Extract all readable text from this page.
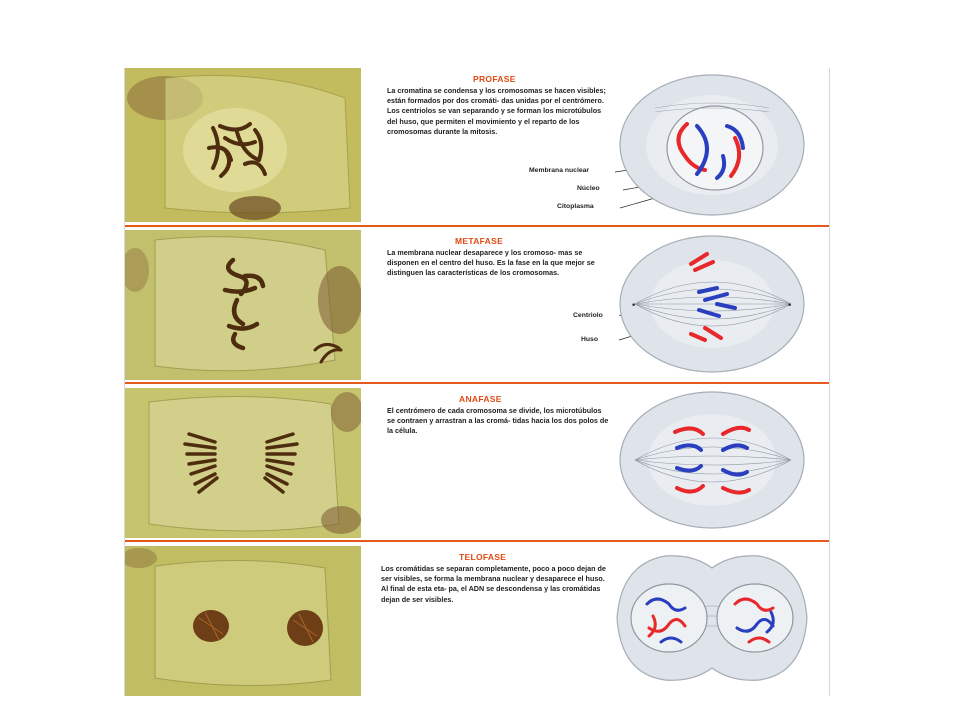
PROFASE
La cromatina se condensa y los cromosomas se hacen visibles; están formados por dos cromáti- das unidas por el centrómero. Los centriolos se van separando y se forman los microtúbulos del huso, que permiten el movimiento y el reparto de los cromosomas durante la mitosis.
Membrana nuclear
Núcleo
Citoplasma
METAFASE
La membrana nuclear desaparece y los cromoso- mas se disponen en el centro del huso. Es la fase en la que mejor se distinguen las características de los cromosomas.
Centriolo
Huso
•	•
ANAFASE
El centrómero de cada cromosoma se divide, los microtúbulos se contraen y arrastran a las cromá- tidas hacia los dos polos de la célula.
TELOFASE
Los cromátidas se separan completamente, poco a poco dejan de ser visibles, se forma la membrana nuclear y desaparece el huso. Al final de esta eta- pa, el ADN se descondensa y las cromátidas dejan de ser visibles.
